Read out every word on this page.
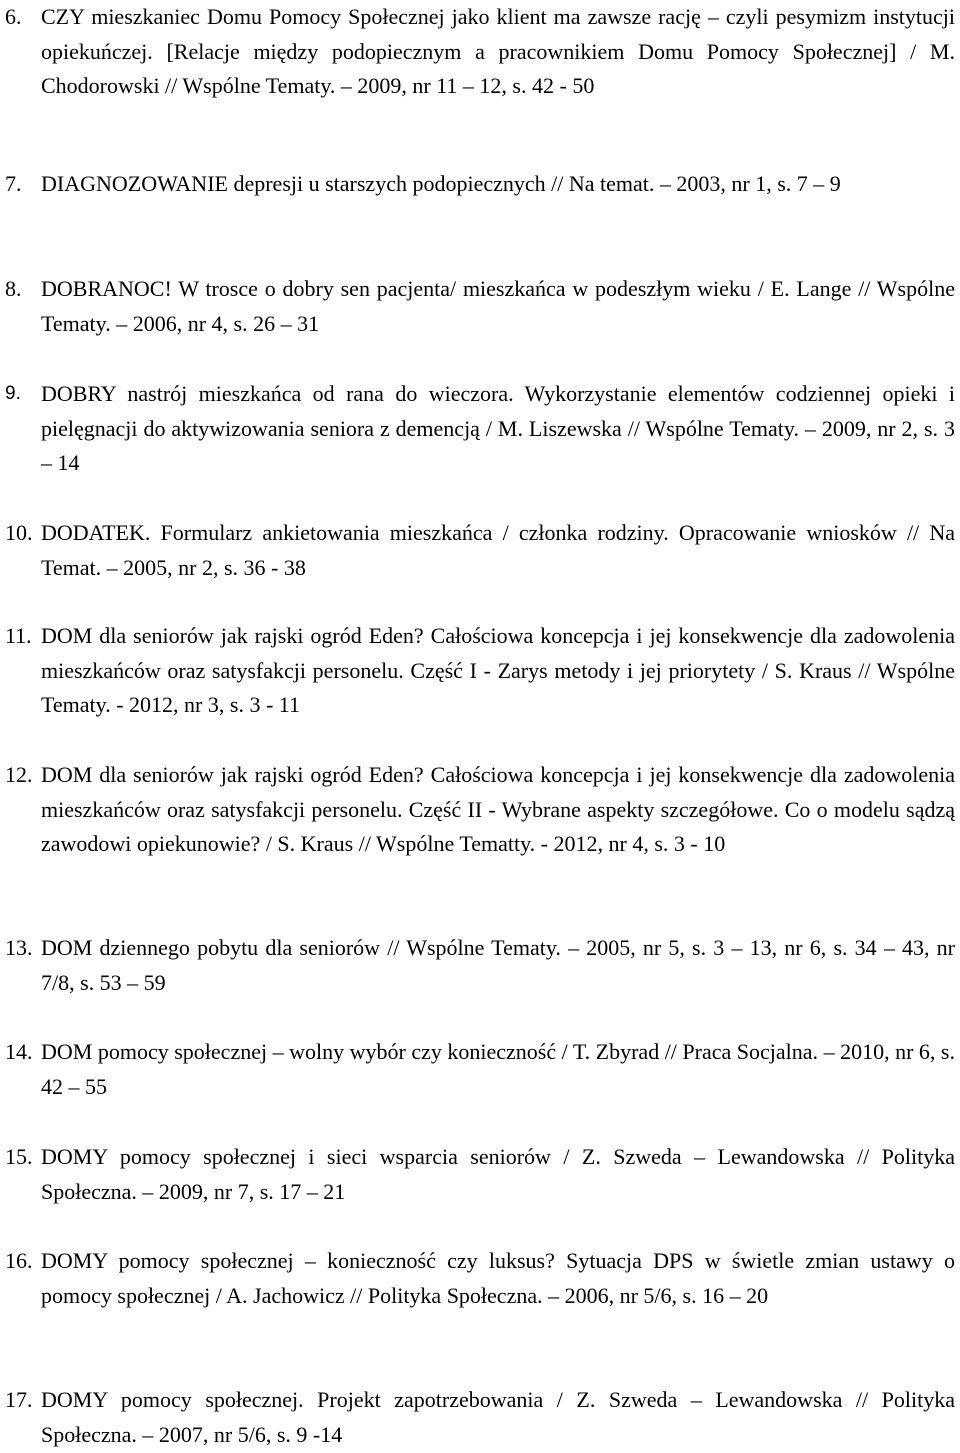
6. CZY mieszkaniec Domu Pomocy Społecznej jako klient ma zawsze rację – czyli pesymizm instytucji opiekuńczej. [Relacje między podopiecznym a pracownikiem Domu Pomocy Społecznej] / M. Chodorowski // Wspólne Tematy. – 2009, nr 11 – 12, s. 42 - 50
7. DIAGNOZOWANIE depresji u starszych podopiecznych // Na temat. – 2003, nr 1, s. 7 – 9
8. DOBRANOC! W trosce o dobry sen pacjenta/ mieszkańca w podeszłym wieku / E. Lange // Wspólne Tematy. – 2006, nr 4, s. 26 – 31
9. DOBRY nastrój mieszkańca od rana do wieczora. Wykorzystanie elementów codziennej opieki i pielęgnacji do aktywizowania seniora z demencją / M. Liszewska // Wspólne Tematy. – 2009, nr 2, s. 3 – 14
10. DODATEK. Formularz ankietowania mieszkańca / członka rodziny. Opracowanie wniosków // Na Temat. – 2005, nr 2, s. 36 - 38
11. DOM dla seniorów jak rajski ogród Eden? Całościowa koncepcja i jej konsekwencje dla zadowolenia mieszkańców oraz satysfakcji personelu. Część I - Zarys metody i jej priorytety / S. Kraus // Wspólne Tematy. - 2012, nr 3, s. 3 - 11
12. DOM dla seniorów jak rajski ogród Eden? Całościowa koncepcja i jej konsekwencje dla zadowolenia mieszkańców oraz satysfakcji personelu. Część II - Wybrane aspekty szczegółowe. Co o modelu sądzą zawodowi opiekunowie? / S. Kraus // Wspólne Tematty. - 2012, nr 4, s. 3 - 10
13. DOM dziennego pobytu dla seniorów // Wspólne Tematy. – 2005, nr 5, s. 3 – 13, nr 6, s. 34 – 43, nr 7/8, s. 53 – 59
14. DOM pomocy społecznej – wolny wybór czy konieczność / T. Zbyrad // Praca Socjalna. – 2010, nr 6, s. 42 – 55
15. DOMY pomocy społecznej i sieci wsparcia seniorów / Z. Szweda – Lewandowska // Polityka Społeczna. – 2009, nr 7, s. 17 – 21
16. DOMY pomocy społecznej – konieczność czy luksus? Sytuacja DPS w świetle zmian ustawy o pomocy społecznej / A. Jachowicz // Polityka Społeczna. – 2006, nr 5/6, s. 16 – 20
17. DOMY pomocy społecznej. Projekt zapotrzebowania / Z. Szweda – Lewandowska // Polityka Społeczna. – 2007, nr 5/6, s. 9 -14
